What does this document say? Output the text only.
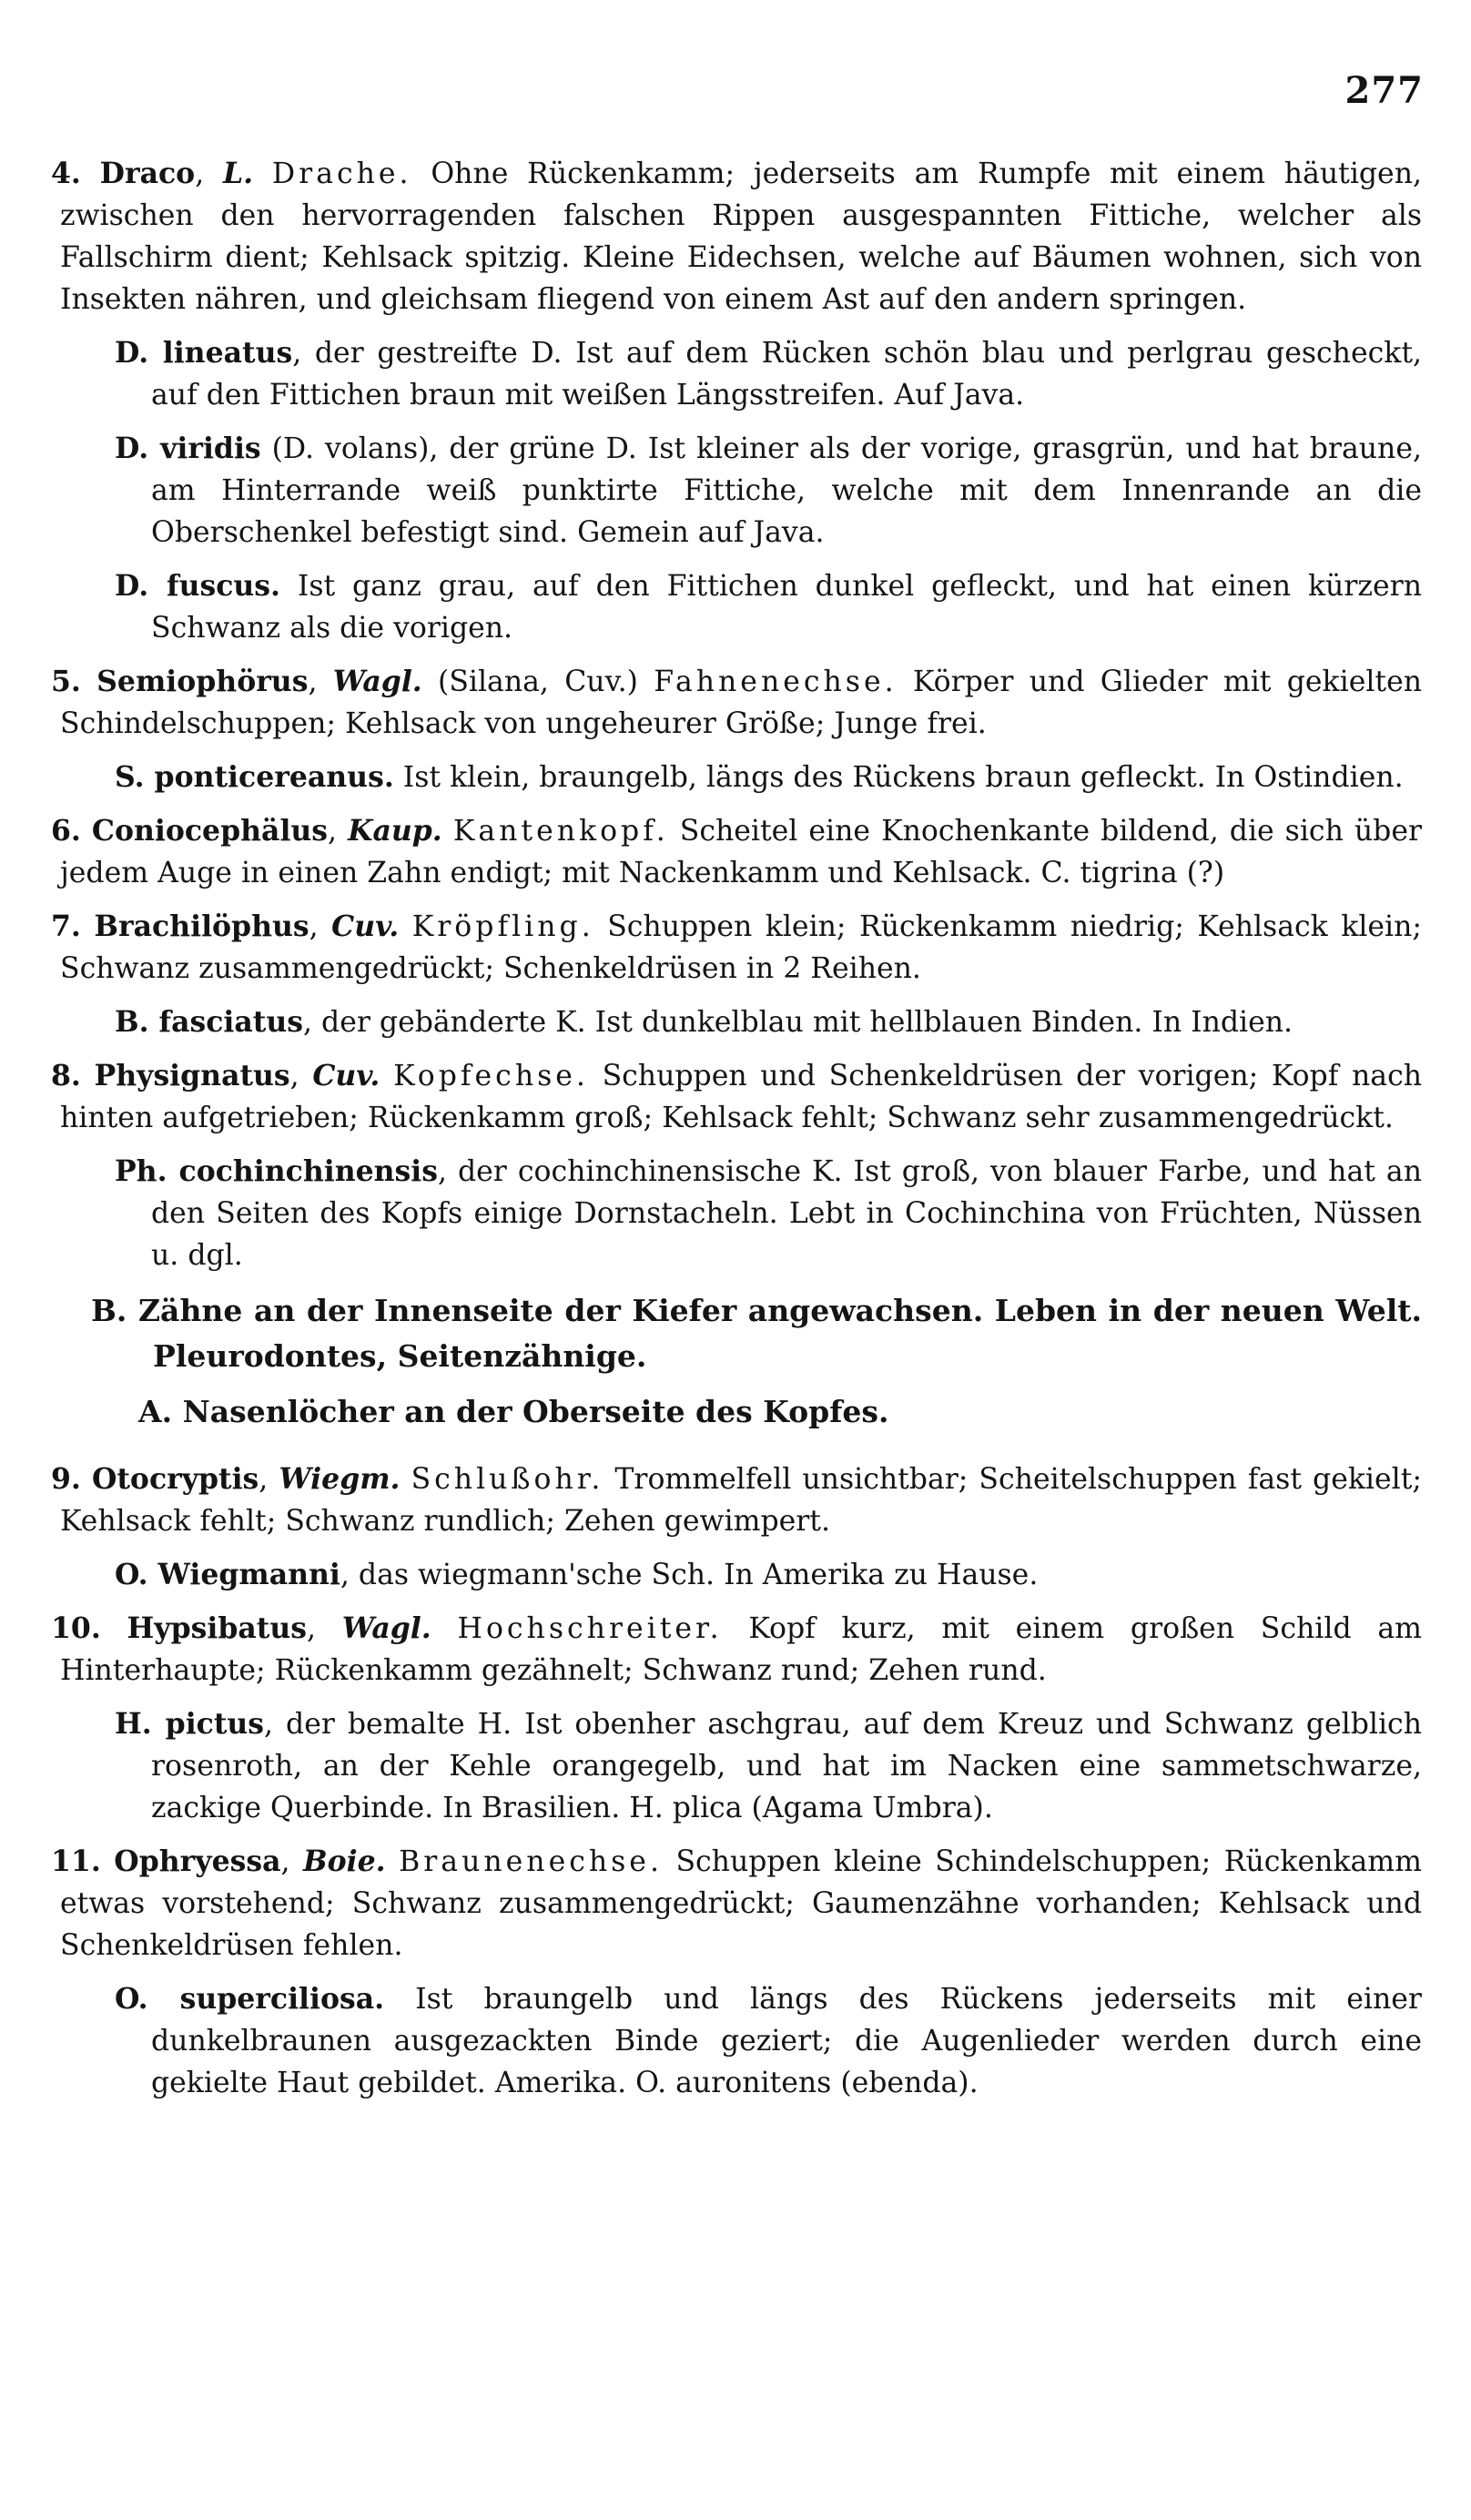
277

4. Draco, L. Drache. Ohne Rückenkamm; jederseits am Rumpfe mit einem häutigen, zwischen den hervorragenden falschen Rippen ausgespannten Fittiche, welcher als Fallschirm dient; Kehlsack spitzig. Kleine Eidechsen, welche auf Bäumen wohnen, sich von Insekten nähren, und gleichsam fliegend von einem Ast auf den andern springen.

D. lineatus, der gestreifte D. Ist auf dem Rücken schön blau und perlgrau gescheckt, auf den Fittichen braun mit weißen Längsstreifen. Auf Java.

D. viridis (D. volans), der grüne D. Ist kleiner als der vorige, grasgrün, und hat braune, am Hinterrande weiß punktirte Fittiche, welche mit dem Innenrande an die Oberschenkel befestigt sind. Gemein auf Java.

D. fuscus. Ist ganz grau, auf den Fittichen dunkel gefleckt, und hat einen kürzern Schwanz als die vorigen.

5. Semiophörus, Wagl. (Silana, Cuv.) Fahnenechse. Körper und Glieder mit gekielten Schindelschuppen; Kehlsack von ungeheurer Größe; Junge frei.

S. ponticereanus. Ist klein, braungelb, längs des Rückens braun gefleckt. In Ostindien.

6. Coniocephälus, Kaup. Kantenkopf. Scheitel eine Knochenkante bildend, die sich über jedem Auge in einen Zahn endigt; mit Nackenkamm und Kehlsack. C. tigrina (?)

7. Brachilöphus, Cuv. Kröpfling. Schuppen klein; Rückenkamm niedrig; Kehlsack klein; Schwanz zusammengedrückt; Schenkeldrüsen in 2 Reihen.

B. fasciatus, der gebänderte K. Ist dunkelblau mit hellblauen Binden. In Indien.

8. Physignatus, Cuv. Kopfechse. Schuppen und Schenkeldrüsen der vorigen; Kopf nach hinten aufgetrieben; Rückenkamm groß; Kehlsack fehlt; Schwanz sehr zusammengedrückt.

Ph. cochinchinensis, der cochinchinensische K. Ist groß, von blauer Farbe, und hat an den Seiten des Kopfs einige Dornstacheln. Lebt in Cochinchina von Früchten, Nüssen u. dgl.

B. Zähne an der Innenseite der Kiefer angewachsen. Leben in der neuen Welt. Pleurodontes, Seitenzähnige.

A. Nasenlöcher an der Oberseite des Kopfes.

9. Otocryptis, Wiegm. Schlußohr. Trommelfell unsichtbar; Scheitelschuppen fast gekielt; Kehlsack fehlt; Schwanz rundlich; Zehen gewimpert.

O. Wiegmanni, das wiegmann'sche Sch. In Amerika zu Hause.

10. Hypsibatus, Wagl. Hochschreiter. Kopf kurz, mit einem großen Schild am Hinterhaupte; Rückenkamm gezähnelt; Schwanz rund; Zehen rund.

H. pictus, der bemalte H. Ist obenher aschgrau, auf dem Kreuz und Schwanz gelblich rosenroth, an der Kehle orangegelb, und hat im Nacken eine sammetschwarze, zackige Querbinde. In Brasilien. H. plica (Agama Umbra).

11. Ophryessa, Boie. Braunenechse. Schuppen kleine Schindelschuppen; Rückenkamm etwas vorstehend; Schwanz zusammengedrückt; Gaumenzähne vorhanden; Kehlsack und Schenkeldrüsen fehlen.

O. superciliosa. Ist braungelb und längs des Rückens jederseits mit einer dunkelbraunen ausgezackten Binde geziert; die Augenlieder werden durch eine gekielte Haut gebildet. Amerika. O. auronitens (ebenda).
